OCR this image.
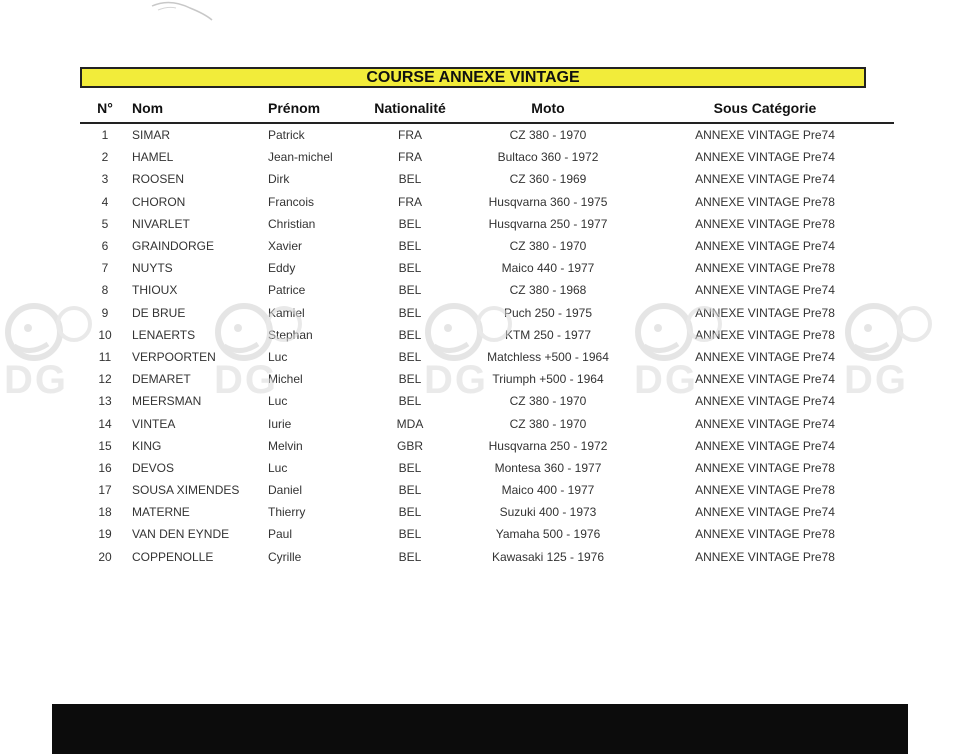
COURSE ANNEXE VINTAGE
N°	Nom	Prénom	Nationalité	Moto	Sous Catégorie
1	SIMAR	Patrick	FRA	CZ 380 - 1970	ANNEXE VINTAGE Pre74
2	HAMEL	Jean-michel	FRA	Bultaco 360 - 1972	ANNEXE VINTAGE Pre74
3	ROOSEN	Dirk	BEL	CZ 360 - 1969	ANNEXE VINTAGE Pre74
4	CHORON	Francois	FRA	Husqvarna 360 - 1975	ANNEXE VINTAGE Pre78
5	NIVARLET	Christian	BEL	Husqvarna 250 - 1977	ANNEXE VINTAGE Pre78
6	GRAINDORGE	Xavier	BEL	CZ 380 - 1970	ANNEXE VINTAGE Pre74
7	NUYTS	Eddy	BEL	Maico 440 - 1977	ANNEXE VINTAGE Pre78
8	THIOUX	Patrice	BEL	CZ 380 - 1968	ANNEXE VINTAGE Pre74
9	DE BRUE	Kamiel	BEL	Puch 250 - 1975	ANNEXE VINTAGE Pre78
10	LENAERTS	Stephan	BEL	KTM 250 - 1977	ANNEXE VINTAGE Pre78
11	VERPOORTEN	Luc	BEL	Matchless +500 - 1964	ANNEXE VINTAGE Pre74
12	DEMARET	Michel	BEL	Triumph +500 - 1964	ANNEXE VINTAGE Pre74
13	MEERSMAN	Luc	BEL	CZ 380 - 1970	ANNEXE VINTAGE Pre74
14	VINTEA	Iurie	MDA	CZ 380 - 1970	ANNEXE VINTAGE Pre74
15	KING	Melvin	GBR	Husqvarna 250 - 1972	ANNEXE VINTAGE Pre74
16	DEVOS	Luc	BEL	Montesa 360 - 1977	ANNEXE VINTAGE Pre78
17	SOUSA XIMENDES	Daniel	BEL	Maico 400 - 1977	ANNEXE VINTAGE Pre78
18	MATERNE	Thierry	BEL	Suzuki 400 - 1973	ANNEXE VINTAGE Pre74
19	VAN DEN EYNDE	Paul	BEL	Yamaha 500 - 1976	ANNEXE VINTAGE Pre78
20	COPPENOLLE	Cyrille	BEL	Kawasaki 125 - 1976	ANNEXE VINTAGE Pre78
DG	DG	DG	DG	DG
